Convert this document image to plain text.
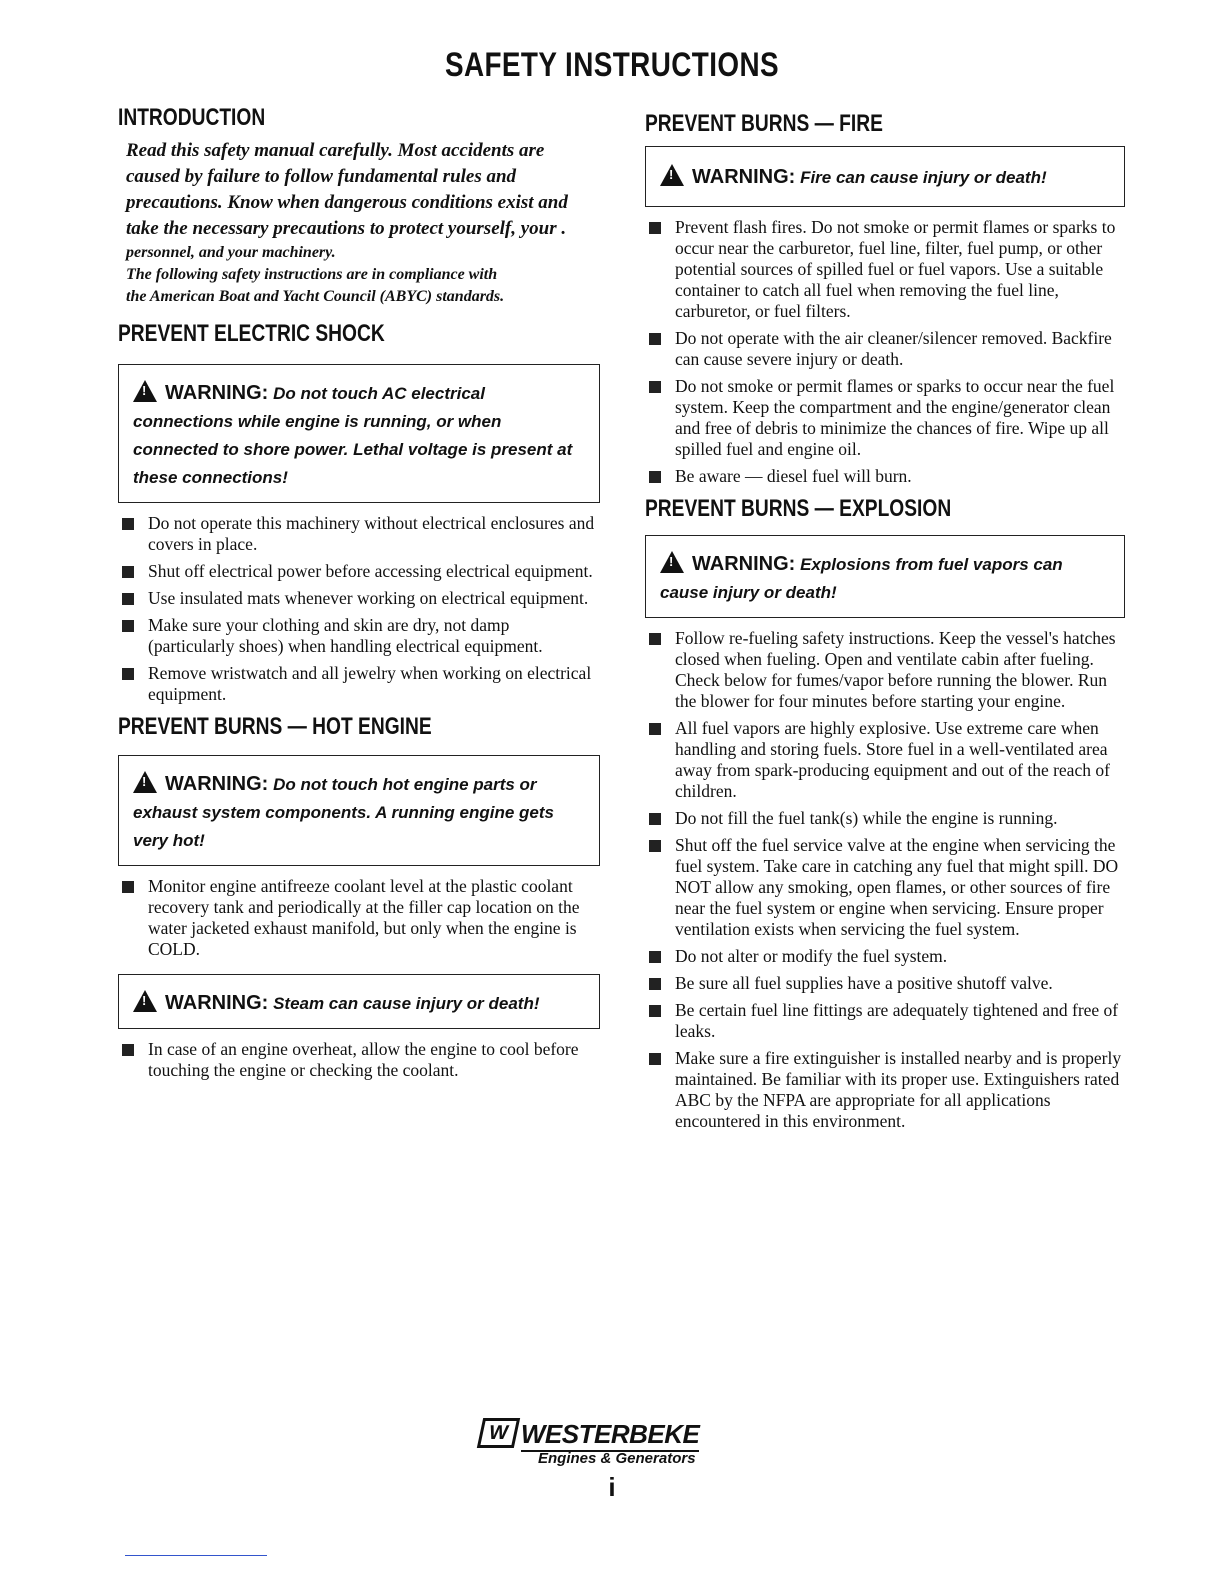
SAFETY INSTRUCTIONS
INTRODUCTION
Read this safety manual carefully. Most accidents are
caused by failure to follow fundamental rules and
precautions. Know when dangerous conditions exist and
take the necessary precautions to protect yourself, your .
personnel, and your machinery.
The following safety instructions are in compliance with
the American Boat and Yacht Council (ABYC) standards.
PREVENT ELECTRIC SHOCK
!WARNING: Do not touch AC electrical connections while engine is running, or when connected to shore power. Lethal voltage is present at these connections!
Do not operate this machinery without electrical enclosures and covers in place.
Shut off electrical power before accessing electrical equipment.
Use insulated mats whenever working on electrical equipment.
Make sure your clothing and skin are dry, not damp (particularly shoes) when handling electrical equipment.
Remove wristwatch and all jewelry when working on electrical equipment.
PREVENT BURNS — HOT ENGINE
!WARNING: Do not touch hot engine parts or exhaust system components. A running engine gets very hot!
Monitor engine antifreeze coolant level at the plastic coolant recovery tank and periodically at the filler cap location on the water jacketed exhaust manifold, but only when the engine is COLD.
!WARNING: Steam can cause injury or death!
In case of an engine overheat, allow the engine to cool before touching the engine or checking the coolant.
PREVENT BURNS — FIRE
!WARNING: Fire can cause injury or death!
Prevent flash fires. Do not smoke or permit flames or sparks to occur near the carburetor, fuel line, filter, fuel pump, or other potential sources of spilled fuel or fuel vapors. Use a suitable container to catch all fuel when removing the fuel line, carburetor, or fuel filters.
Do not operate with the air cleaner/silencer removed. Backfire can cause severe injury or death.
Do not smoke or permit flames or sparks to occur near the fuel system. Keep the compartment and the engine/generator clean and free of debris to minimize the chances of fire. Wipe up all spilled fuel and engine oil.
Be aware — diesel fuel will burn.
PREVENT BURNS — EXPLOSION
!WARNING: Explosions from fuel vapors can cause injury or death!
Follow re-fueling safety instructions. Keep the vessel's hatches closed when fueling. Open and ventilate cabin after fueling. Check below for fumes/vapor before running the blower. Run the blower for four minutes before starting your engine.
All fuel vapors are highly explosive. Use extreme care when handling and storing fuels. Store fuel in a well-ventilated area away from spark-producing equipment and out of the reach of children.
Do not fill the fuel tank(s) while the engine is running.
Shut off the fuel service valve at the engine when servicing the fuel system. Take care in catching any fuel that might spill. DO NOT allow any smoking, open flames, or other sources of fire near the fuel system or engine when servicing. Ensure proper ventilation exists when servicing the fuel system.
Do not alter or modify the fuel system.
Be sure all fuel supplies have a positive shutoff valve.
Be certain fuel line fittings are adequately tightened and free of leaks.
Make sure a fire extinguisher is installed nearby and is properly maintained. Be familiar with its proper use. Extinguishers rated ABC by the NFPA are appropriate for all applications encountered in this environment.
W WESTERBEKE
Engines & Generators
i
